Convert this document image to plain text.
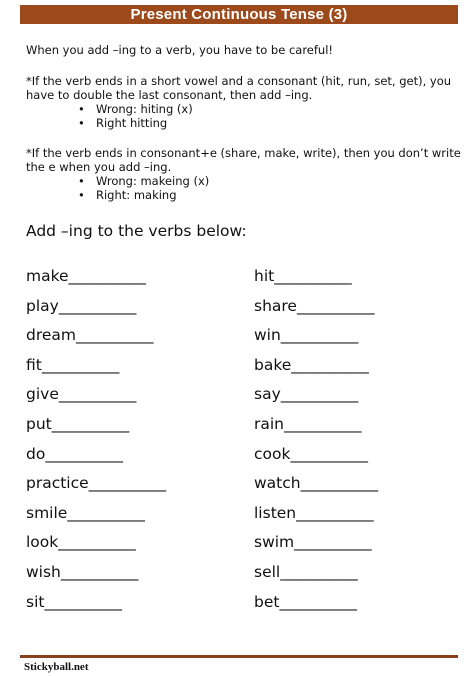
Present Continuous Tense (3)

When you add –ing to a verb, you have to be careful!

*If the verb ends in a short vowel and a consonant (hit, run, set, get), you have to double the last consonant, then add –ing.

• Wrong: hiting (x)
• Right hitting

*If the verb ends in consonant+e (share, make, write), then you don’t write the e when you add –ing.

• Wrong: makeing (x)
• Right: making

Add –ing to the verbs below:

make__________
play__________
dream__________
fit__________
give__________
put__________
do__________
practice__________
smile__________
look__________
wish__________
sit__________
hit__________
share__________
win__________
bake__________
say__________
rain__________
cook__________
watch__________
listen__________
swim__________
sell__________
bet__________
Stickyball.net
